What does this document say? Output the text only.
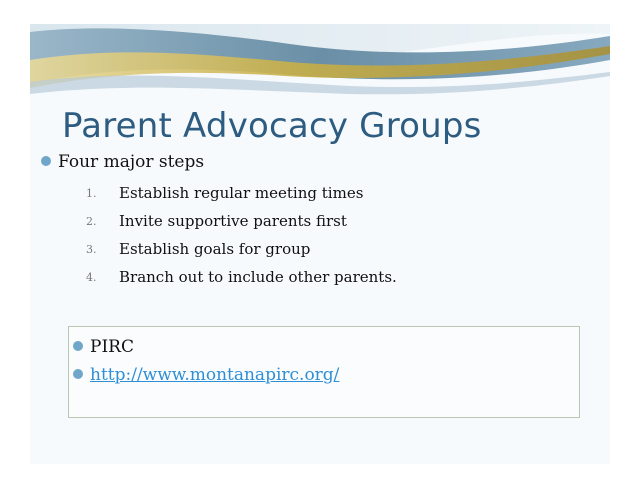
Parent Advocacy Groups
Four major steps
1. Establish regular meeting times
2. Invite supportive parents first
3. Establish goals for group
4. Branch out to include other parents.
PIRC
http://www.montanapirc.org/
